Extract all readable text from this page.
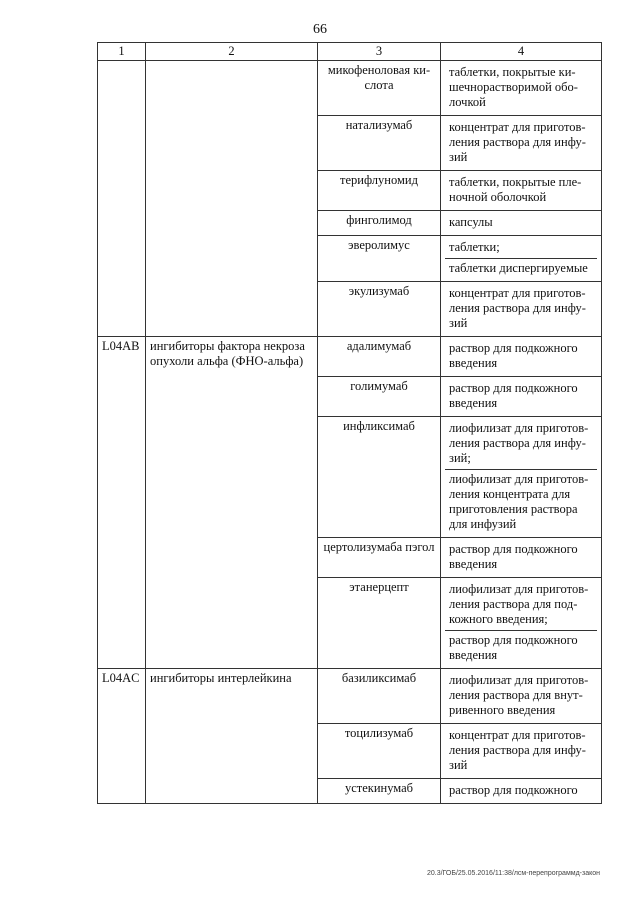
66
1	2	3	4
		микофеноловая ки-слота	таблетки, покрытые ки-шечнорастворимой обо-лочкой

		натализумаб	концентрат для приготов-ления раствора для инфу-зий

		терифлуномид	таблетки, покрытые пле-ночной оболочкой

		финголимод	капсулы

		эверолимус	таблетки;
таблетки диспергируемые

		экулизумаб	концентрат для приготов-ления раствора для инфу-зий

L04AB	ингибиторы фактора некроза опухоли альфа (ФНО-альфа)	адалимумаб	раствор для подкожного введения

		голимумаб	раствор для подкожного введения

		инфликсимаб	лиофилизат для приготов-ления раствора для инфу-зий;
лиофилизат для приготов-ления концентрата для приготовления раствора для инфузий

		цертолизумаба пэгол	раствор для подкожного введения

		этанерцепт	лиофилизат для приготов-ления раствора для под-кожного введения;
раствор для подкожного введения

L04AC	ингибиторы интерлейкина	базиликсимаб	лиофилизат для приготов-ления раствора для внут-ривенного введения

		тоцилизумаб	концентрат для приготов-ления раствора для инфу-зий

		устекинумаб	раствор для подкожного
20.3/ГОБ/25.05.2016/11:38/лсм-перепрограммд-закон
